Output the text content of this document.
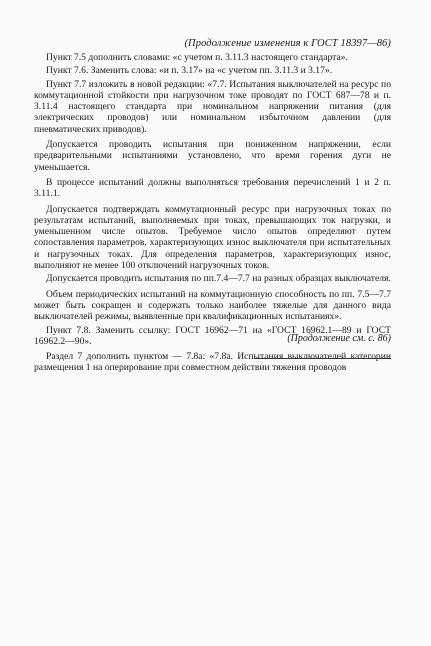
(Продолжение изменения к ГОСТ 18397—86)

Пункт 7.5 дополнить словами: «с учетом п. 3.11.3 настоящего стандарта».

Пункт 7.6. Заменить слова: «и п. 3.17» на «с учетом пп. 3.11.3 и 3.17».

Пункт 7.7 изложить в новой редакции: «7.7. Испытания выключателей на ресурс по коммутационной стойкости при нагрузочном токе проводят по ГОСТ 687—78 и п. 3.11.4 настоящего стандарта при номинальном напряжении питания (для электрических проводов) или номинальном избыточном давлении (для пневматических приводов).

Допускается проводить испытания при пониженном напряжении, если предварительными испытаниями установлено, что время горения дуги не уменьшается.

В процессе испытаний должны выполняться требования перечислений 1 и 2 п. 3.11.1.

Допускается подтверждать коммутационный ресурс при нагрузочных токах по результатам испытаний, выполняемых при токах, превышающих ток нагрузки, и уменьшенном числе опытов. Требуемое число опытов определяют путем сопоставления параметров, характеризующих износ выключателя при испытательных и нагрузочных токах. Для определения параметров, характеризующих износ, выполняют не менее 100 отключений нагрузочных токов.

Допускается проводить испытания по пп.7.4—7.7 на разных образцах выключателя.

Объем периодических испытаний на коммутационную способность по пп. 7.5—7.7 может быть сокращен и содержать только наиболее тяжелые для данного вида выключателей режимы, выявленные при квалификационных испытаниях».

Пункт 7.8. Заменить ссылку: ГОСТ 16962—71 на «ГОСТ 16962.1—89 и ГОСТ 16962.2—90».

Раздел 7 дополнить пунктом — 7.8а: «7.8а. Испытания выключателей категории размещения 1 на оперирование при совместном действии тяжения проводов

(Продолжение см. с. 86)
